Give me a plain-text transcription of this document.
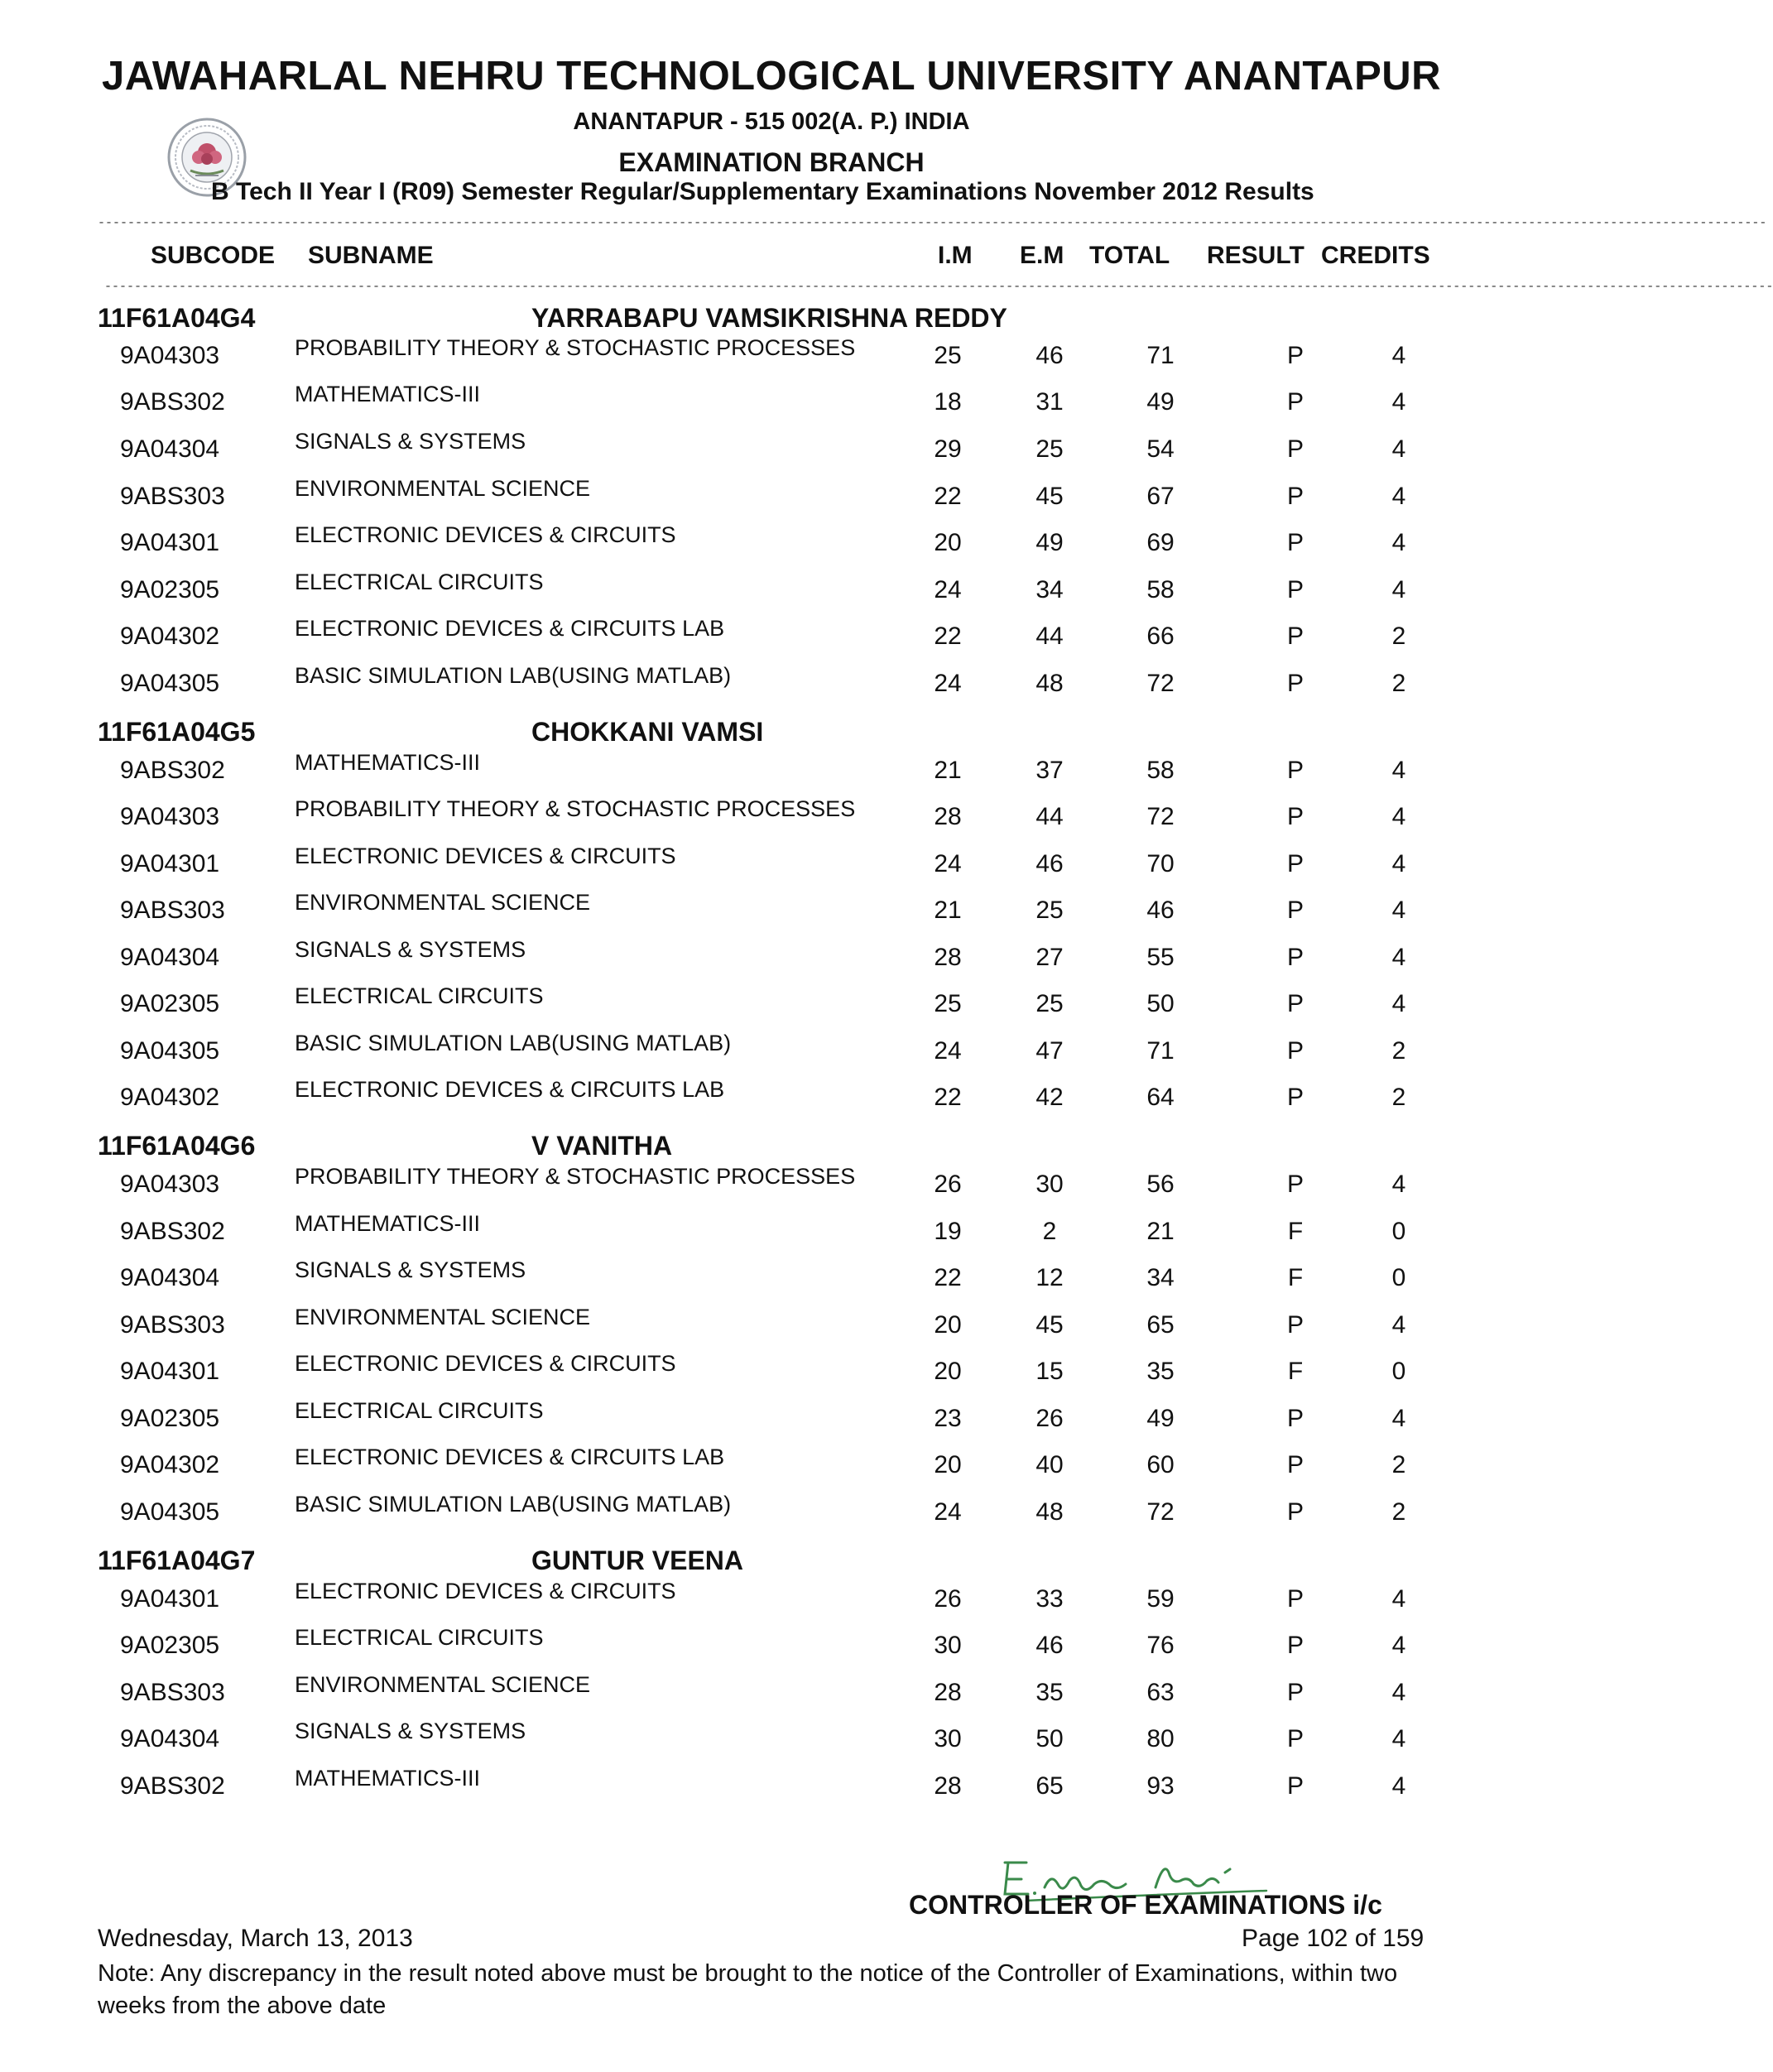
JAWAHARLAL NEHRU TECHNOLOGICAL UNIVERSITY ANANTAPUR
ANANTAPUR - 515 002(A. P.) INDIA
EXAMINATION BRANCH
B Tech II Year I (R09) Semester Regular/Supplementary Examinations November 2012 Results
--------------------------------------------------------------------------------------------------------------------------------------------------------------------------------------------------------------------------------
SUBCODE SUBNAME	I.M E.M TOTAL RESULT CREDITS
--------------------------------------------------------------------------------------------------------------------------------------------------------------------------------------------------------------------------------
11F61A04G4	YARRABAPU VAMSIKRISHNA REDDY
9A04303	PROBABILITY THEORY & STOCHASTIC PROCESSES	25	46	71	P	4
9ABS302	MATHEMATICS-III	18	31	49	P	4
9A04304	SIGNALS & SYSTEMS	29	25	54	P	4
9ABS303	ENVIRONMENTAL SCIENCE	22	45	67	P	4
9A04301	ELECTRONIC DEVICES & CIRCUITS	20	49	69	P	4
9A02305	ELECTRICAL CIRCUITS	24	34	58	P	4
9A04302	ELECTRONIC DEVICES & CIRCUITS LAB	22	44	66	P	2
9A04305	BASIC SIMULATION LAB(USING MATLAB)	24	48	72	P	2
11F61A04G5	CHOKKANI VAMSI
9ABS302	MATHEMATICS-III	21	37	58	P	4
9A04303	PROBABILITY THEORY & STOCHASTIC PROCESSES	28	44	72	P	4
9A04301	ELECTRONIC DEVICES & CIRCUITS	24	46	70	P	4
9ABS303	ENVIRONMENTAL SCIENCE	21	25	46	P	4
9A04304	SIGNALS & SYSTEMS	28	27	55	P	4
9A02305	ELECTRICAL CIRCUITS	25	25	50	P	4
9A04305	BASIC SIMULATION LAB(USING MATLAB)	24	47	71	P	2
9A04302	ELECTRONIC DEVICES & CIRCUITS LAB	22	42	64	P	2
11F61A04G6	V VANITHA
9A04303	PROBABILITY THEORY & STOCHASTIC PROCESSES	26	30	56	P	4
9ABS302	MATHEMATICS-III	19	2	21	F	0
9A04304	SIGNALS & SYSTEMS	22	12	34	F	0
9ABS303	ENVIRONMENTAL SCIENCE	20	45	65	P	4
9A04301	ELECTRONIC DEVICES & CIRCUITS	20	15	35	F	0
9A02305	ELECTRICAL CIRCUITS	23	26	49	P	4
9A04302	ELECTRONIC DEVICES & CIRCUITS LAB	20	40	60	P	2
9A04305	BASIC SIMULATION LAB(USING MATLAB)	24	48	72	P	2
11F61A04G7	GUNTUR VEENA
9A04301	ELECTRONIC DEVICES & CIRCUITS	26	33	59	P	4
9A02305	ELECTRICAL CIRCUITS	30	46	76	P	4
9ABS303	ENVIRONMENTAL SCIENCE	28	35	63	P	4
9A04304	SIGNALS & SYSTEMS	30	50	80	P	4
9ABS302	MATHEMATICS-III	28	65	93	P	4
CONTROLLER OF EXAMINATIONS i/c
Wednesday, March 13, 2013	Page 102 of 159
Note: Any discrepancy in the result noted above must be brought to the notice of the Controller of Examinations, within two weeks from the above date
